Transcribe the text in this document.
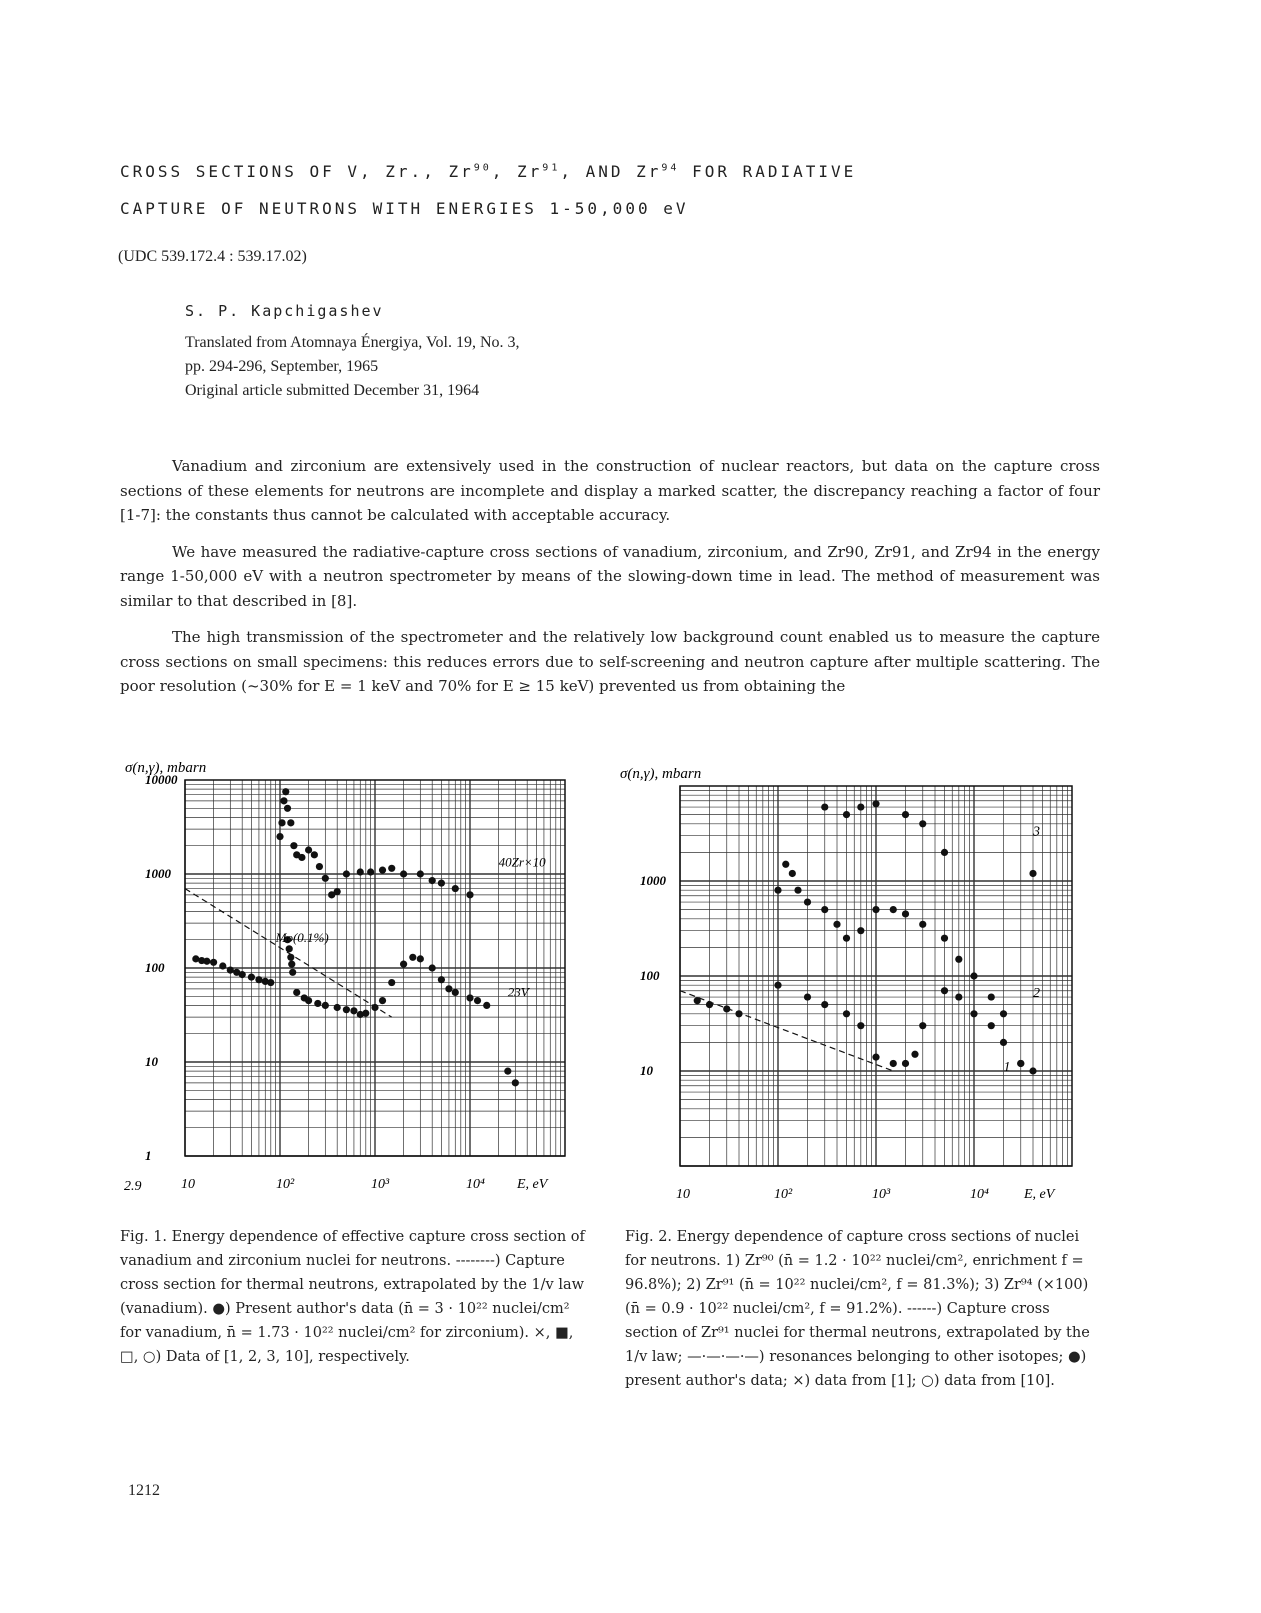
CROSS SECTIONS OF V, Zr., Zr$^{90}$, Zr$^{91}$, AND Zr$^{94}$ FOR RADIATIVE
CAPTURE OF NEUTRONS WITH ENERGIES 1-50,000 eV
(UDC 539.172.4 : 539.17.02)
S. P. Kapchigashev
Translated from Atomnaya Énergiya, Vol. 19, No. 3,
pp. 294-296, September, 1965
Original article submitted December 31, 1964

Vanadium and zirconium are extensively used in the construction of nuclear reactors, but data on the capture cross sections of these elements for neutrons are incomplete and display a marked scatter, the discrepancy reaching a factor of four [1-7]: the constants thus cannot be calculated with acceptable accuracy.

We have measured the radiative-capture cross sections of vanadium, zirconium, and Zr90, Zr91, and Zr94 in the energy range 1-50,000 eV with a neutron spectrometer by means of the slowing-down time in lead. The method of measurement was similar to that described in [8].

The high transmission of the spectrometer and the relatively low background count enabled us to measure the capture cross sections on small specimens: this reduces errors due to self-screening and neutron capture after multiple scattering. The poor resolution (~30% for E = 1 keV and 70% for E ≥ 15 keV) prevented us from obtaining the

10	10²	10³	10⁴
1
10
100
1000
10000
E, eV
σ(n,γ), mbarn
2.9
Mo(0.1%)
40Zr×10
23V
10	10²	10³	10⁴
10
100
1000
E, eV
σ(n,γ), mbarn
1
2
3
Fig. 1. Energy dependence of effective capture cross section of vanadium and zirconium nuclei for neutrons. --------) Capture cross section for thermal neutrons, extrapolated by the 1/v law (vanadium). ●) Present author's data (n̄ = 3 · 10²² nuclei/cm² for vanadium, n̄ = 1.73 · 10²² nuclei/cm² for zirconium). ×, ■, □, ○) Data of [1, 2, 3, 10], respectively.
Fig. 2. Energy dependence of capture cross sections of nuclei for neutrons. 1) Zr⁹⁰ (n̄ = 1.2 · 10²² nuclei/cm², enrichment f = 96.8%); 2) Zr⁹¹ (n̄ = 10²² nuclei/cm², f = 81.3%); 3) Zr⁹⁴ (×100) (n̄ = 0.9 · 10²² nuclei/cm², f = 91.2%). ------) Capture cross section of Zr⁹¹ nuclei for thermal neutrons, extrapolated by the 1/v law; —·—·—·—) resonances belonging to other isotopes; ●) present author's data; ×) data from [1]; ○) data from [10].
1212
